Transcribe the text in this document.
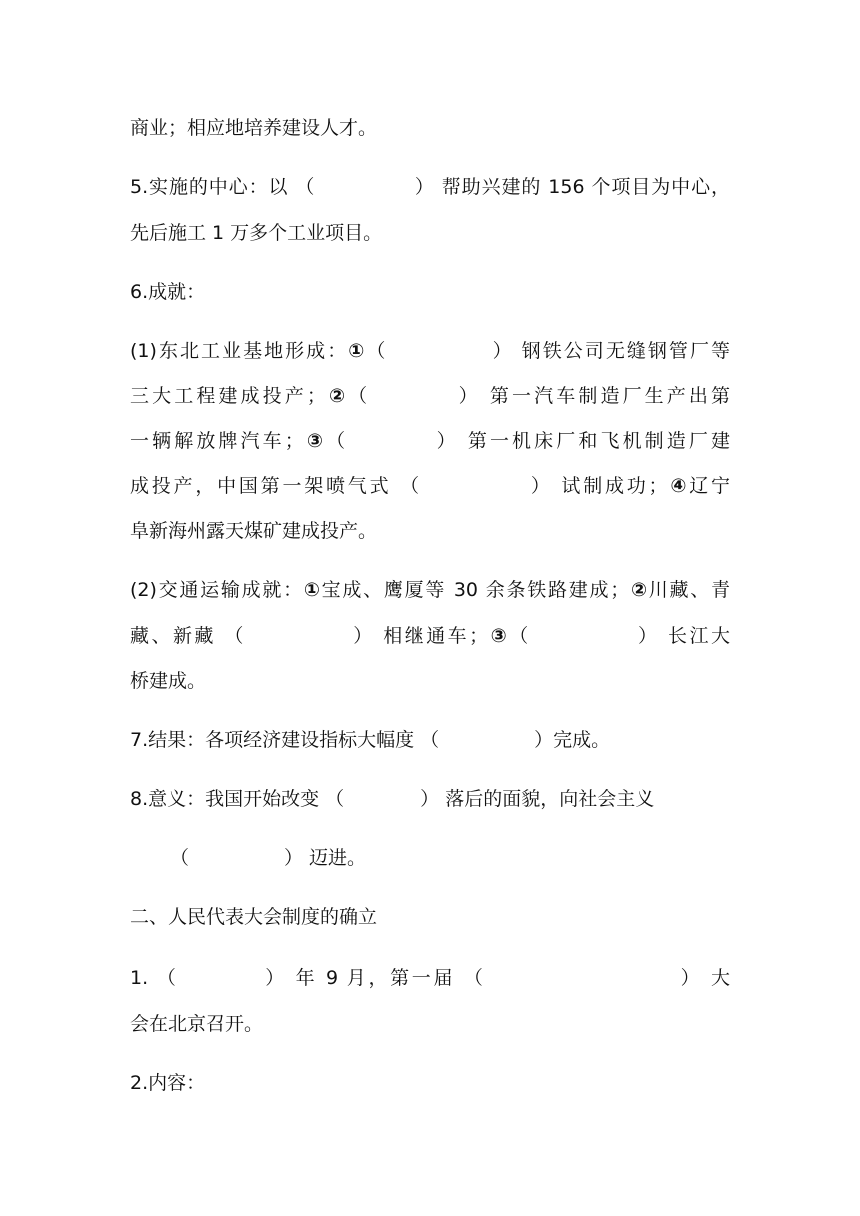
商业；相应地培养建设人才。
5.实施的中心：以 （　　　　　） 帮助兴建的 156 个项目为中心，
先后施工 1 万多个工业项目。
6.成就：
(1)东北工业基地形成：①（　　　　　） 钢铁公司无缝钢管厂等
三大工程建成投产；②（　　　　） 第一汽车制造厂生产出第
一辆解放牌汽车；③（　　　　） 第一机床厂和飞机制造厂建
成投产，中国第一架喷气式 （　　　　　） 试制成功；④辽宁
阜新海州露天煤矿建成投产。
(2)交通运输成就：①宝成、鹰厦等 30 余条铁路建成；②川藏、青
藏、新藏 （　　　　　） 相继通车；③（　　　　　） 长江大
桥建成。
7.结果：各项经济建设指标大幅度 （　　　　　）完成。
8.意义：我国开始改变 （　　　　） 落后的面貌，向社会主义
（　　　　　） 迈进。
二、人民代表大会制度的确立
1. （　　　　） 年 9 月，第一届 （　　　　　　　　　） 大
会在北京召开。
2.内容：
